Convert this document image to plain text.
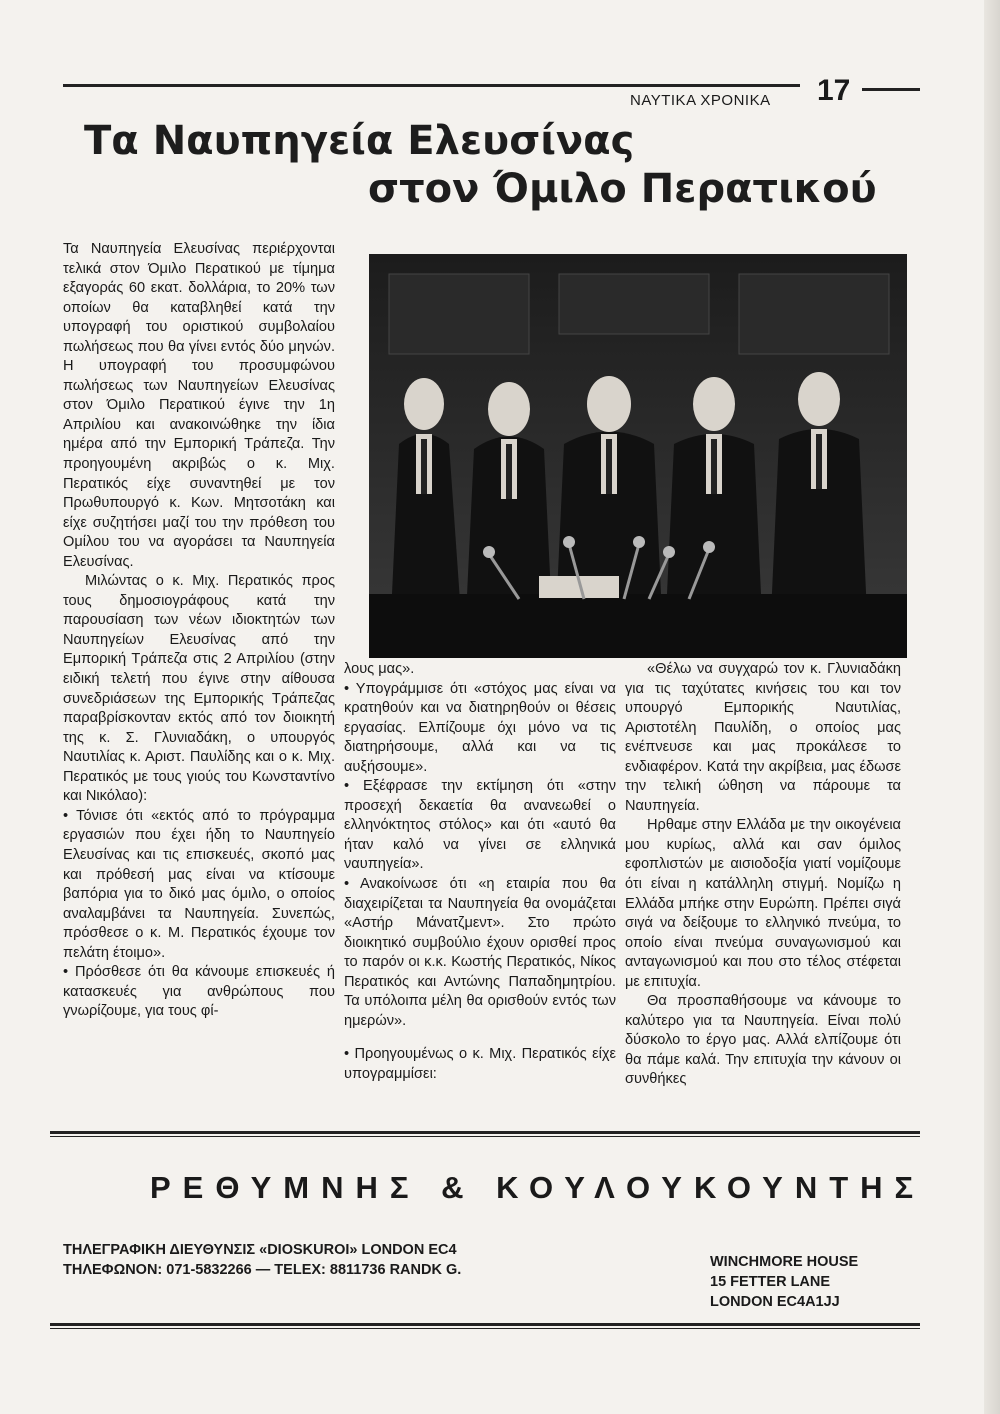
ΝΑΥΤΙΚΑ ΧΡΟΝΙΚΑ 17
Τα Ναυπηγεία Ελευσίνας
στον Όμιλο Περατικού

Τα Ναυπηγεία Ελευσίνας περιέρχονται τελικά στον Όμιλο Περατικού με τίμημα εξαγοράς 60 εκατ. δολλάρια, το 20% των οποίων θα καταβληθεί κατά την υπογραφή του οριστικού συμβολαίου πωλήσεως που θα γίνει εντός δύο μηνών. Η υπογραφή του προσυμφώνου πωλήσεως των Ναυπηγείων Ελευσίνας στον Όμιλο Περατικού έγινε την 1η Απριλίου και ανακοινώθηκε την ίδια ημέρα από την Εμπορική Τράπεζα. Την προηγουμένη ακριβώς ο κ. Μιχ. Περατικός είχε συναντηθεί με τον Πρωθυπουργό κ. Κων. Μητσοτάκη και είχε συζητήσει μαζί του την πρόθεση του Ομίλου του να αγοράσει τα Ναυπηγεία Ελευσίνας.

Μιλώντας ο κ. Μιχ. Περατικός προς τους δημοσιογράφους κατά την παρουσίαση των νέων ιδιοκτητών των Ναυπηγείων Ελευσίνας από την Εμπορική Τράπεζα στις 2 Απριλίου (στην ειδική τελετή που έγινε στην αίθουσα συνεδριάσεων της Εμπορικής Τράπεζας παραβρίσκονταν εκτός από τον διοικητή της κ. Σ. Γλυνιαδάκη, ο υπουργός Ναυτιλίας κ. Αριστ. Παυλίδης και ο κ. Μιχ. Περατικός με τους γιούς του Κωνσταντίνο και Νικόλαο):

• Τόνισε ότι «εκτός από το πρόγραμμα εργασιών που έχει ήδη το Ναυπηγείο Ελευσίνας και τις επισκευές, σκοπό μας και πρόθεσή μας είναι να κτίσουμε βαπόρια για το δικό μας όμιλο, ο οποίος αναλαμβάνει τα Ναυπηγεία. Συνεπώς, πρόσθεσε ο κ. Μ. Περατικός έχουμε τον πελάτη έτοιμο».

• Πρόσθεσε ότι θα κάνουμε επισκευές ή κατασκευές για ανθρώπους που γνωρίζουμε, για τους φί-

λους μας».

• Υπογράμμισε ότι «στόχος μας είναι να κρατηθούν και να διατηρηθούν οι θέσεις εργασίας. Ελπίζουμε όχι μόνο να τις διατηρήσουμε, αλλά και να τις αυξήσουμε».

• Εξέφρασε την εκτίμηση ότι «στην προσεχή δεκαετία θα ανανεωθεί ο ελληνόκτητος στόλος» και ότι «αυτό θα ήταν καλό να γίνει σε ελληνικά ναυπηγεία».

• Ανακοίνωσε ότι «η εταιρία που θα διαχειρίζεται τα Ναυπηγεία θα ονομάζεται «Αστήρ Μάνατζμεντ». Στο πρώτο διοικητικό συμβούλιο έχουν ορισθεί προς το παρόν οι κ.κ. Κωστής Περατικός, Νίκος Περατικός και Αντώνης Παπαδημητρίου. Τα υπόλοιπα μέλη θα ορισθούν εντός των ημερών».

• Προηγουμένως ο κ. Μιχ. Περατικός είχε υπογραμμίσει:

«Θέλω να συγχαρώ τον κ. Γλυνιαδάκη για τις ταχύτατες κινήσεις του και τον υπουργό Εμπορικής Ναυτιλίας, Αριστοτέλη Παυλίδη, ο οποίος μας ενέπνευσε και μας προκάλεσε το ενδιαφέρον. Κατά την ακρίβεια, μας έδωσε την τελική ώθηση να πάρουμε τα Ναυπηγεία.

Ηρθαμε στην Ελλάδα με την οικογένεια μου κυρίως, αλλά και σαν όμιλος εφοπλιστών με αισιοδοξία γιατί νομίζουμε ότι είναι η κατάλληλη στιγμή. Νομίζω η Ελλάδα μπήκε στην Ευρώπη. Πρέπει σιγά σιγά να δείξουμε το ελληνικό πνεύμα, το οποίο είναι πνεύμα συναγωνισμού και ανταγωνισμού και που στο τέλος στέφεται με επιτυχία.

Θα προσπαθήσουμε να κάνουμε το καλύτερο για τα Ναυπηγεία. Είναι πολύ δύσκολο το έργο μας. Αλλά ελπίζουμε ότι θα πάμε καλά. Την επιτυχία την κάνουν οι συνθήκες

ΡΕΘΥΜΝΗΣ & ΚΟΥΛΟΥΚΟΥΝΤΗΣ
ΤΗΛΕΓΡΑΦΙΚΗ ΔΙΕΥΘΥΝΣΙΣ «DIOSKUROI» LONDON EC4
ΤΗΛΕΦΩΝΟΝ: 071-5832266 — TELEX: 8811736 RANDK G.	WINCHMORE HOUSE
15 FETTER LANE
LONDON EC4A1JJ
